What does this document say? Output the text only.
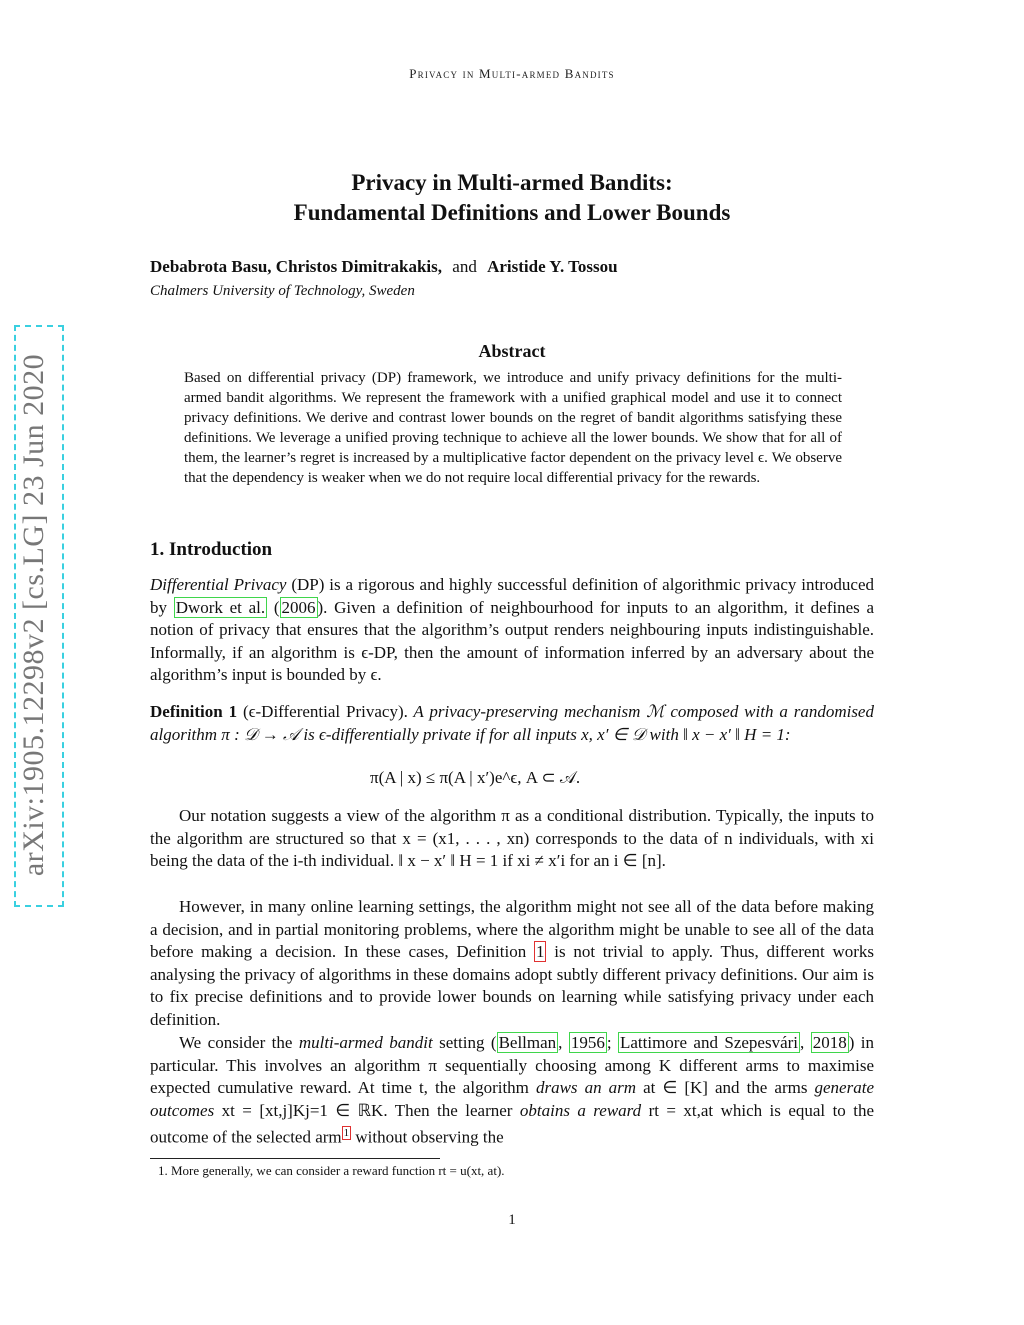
Privacy in Multi-armed Bandits
Privacy in Multi-armed Bandits:
Fundamental Definitions and Lower Bounds
Debabrota Basu, Christos Dimitrakakis, and Aristide Y. Tossou
Chalmers University of Technology, Sweden
arXiv:1905.12298v2 [cs.LG] 23 Jun 2020
Abstract
Based on differential privacy (DP) framework, we introduce and unify privacy definitions for the multi-armed bandit algorithms. We represent the framework with a unified graphical model and use it to connect privacy definitions. We derive and contrast lower bounds on the regret of bandit algorithms satisfying these definitions. We leverage a unified proving technique to achieve all the lower bounds. We show that for all of them, the learner’s regret is increased by a multiplicative factor dependent on the privacy level ϵ. We observe that the dependency is weaker when we do not require local differential privacy for the rewards.
1. Introduction
Differential Privacy (DP) is a rigorous and highly successful definition of algorithmic privacy introduced by Dwork et al. ( 2006 ). Given a definition of neighbourhood for inputs to an algorithm, it defines a notion of privacy that ensures that the algorithm’s output renders neighbouring inputs indistinguishable. Informally, if an algorithm is ϵ-DP, then the amount of information inferred by an adversary about the algorithm’s input is bounded by ϵ.
Definition 1 (ϵ-Differential Privacy). A privacy-preserving mechanism ℳ composed with a randomised algorithm π : 𝒟 → 𝒜 is ϵ-differentially private if for all inputs x, x′ ∈ 𝒟 with ‖ x − x′ ‖ H = 1:
π(A | x) ≤ π(A | x′)e^ϵ, A ⊂ 𝒜.
Our notation suggests a view of the algorithm π as a conditional distribution. Typically, the inputs to the algorithm are structured so that x = (x1, . . . , xn) corresponds to the data of n individuals, with xi being the data of the i-th individual. ‖ x − x′ ‖ H = 1 if xi ≠ x′i for an i ∈ [n].
However, in many online learning settings, the algorithm might not see all of the data before making a decision, and in partial monitoring problems, where the algorithm might be unable to see all of the data before making a decision. In these cases, Definition 1 is not trivial to apply. Thus, different works analysing the privacy of algorithms in these domains adopt subtly different privacy definitions. Our aim is to fix precise definitions and to provide lower bounds on learning while satisfying privacy under each definition.
We consider the multi-armed bandit setting ( Bellman , 1956 ; Lattimore and Szepesvári , 2018 ) in particular. This involves an algorithm π sequentially choosing among K different arms to maximise expected cumulative reward. At time t, the algorithm draws an arm at ∈ [K] and the arms generate outcomes xt = [xt,j]Kj=1 ∈ ℝK. Then the learner obtains a reward rt = xt,at which is equal to the outcome of the selected arm $^1$ without observing the
1. More generally, we can consider a reward function rt = u(xt, at).
1
